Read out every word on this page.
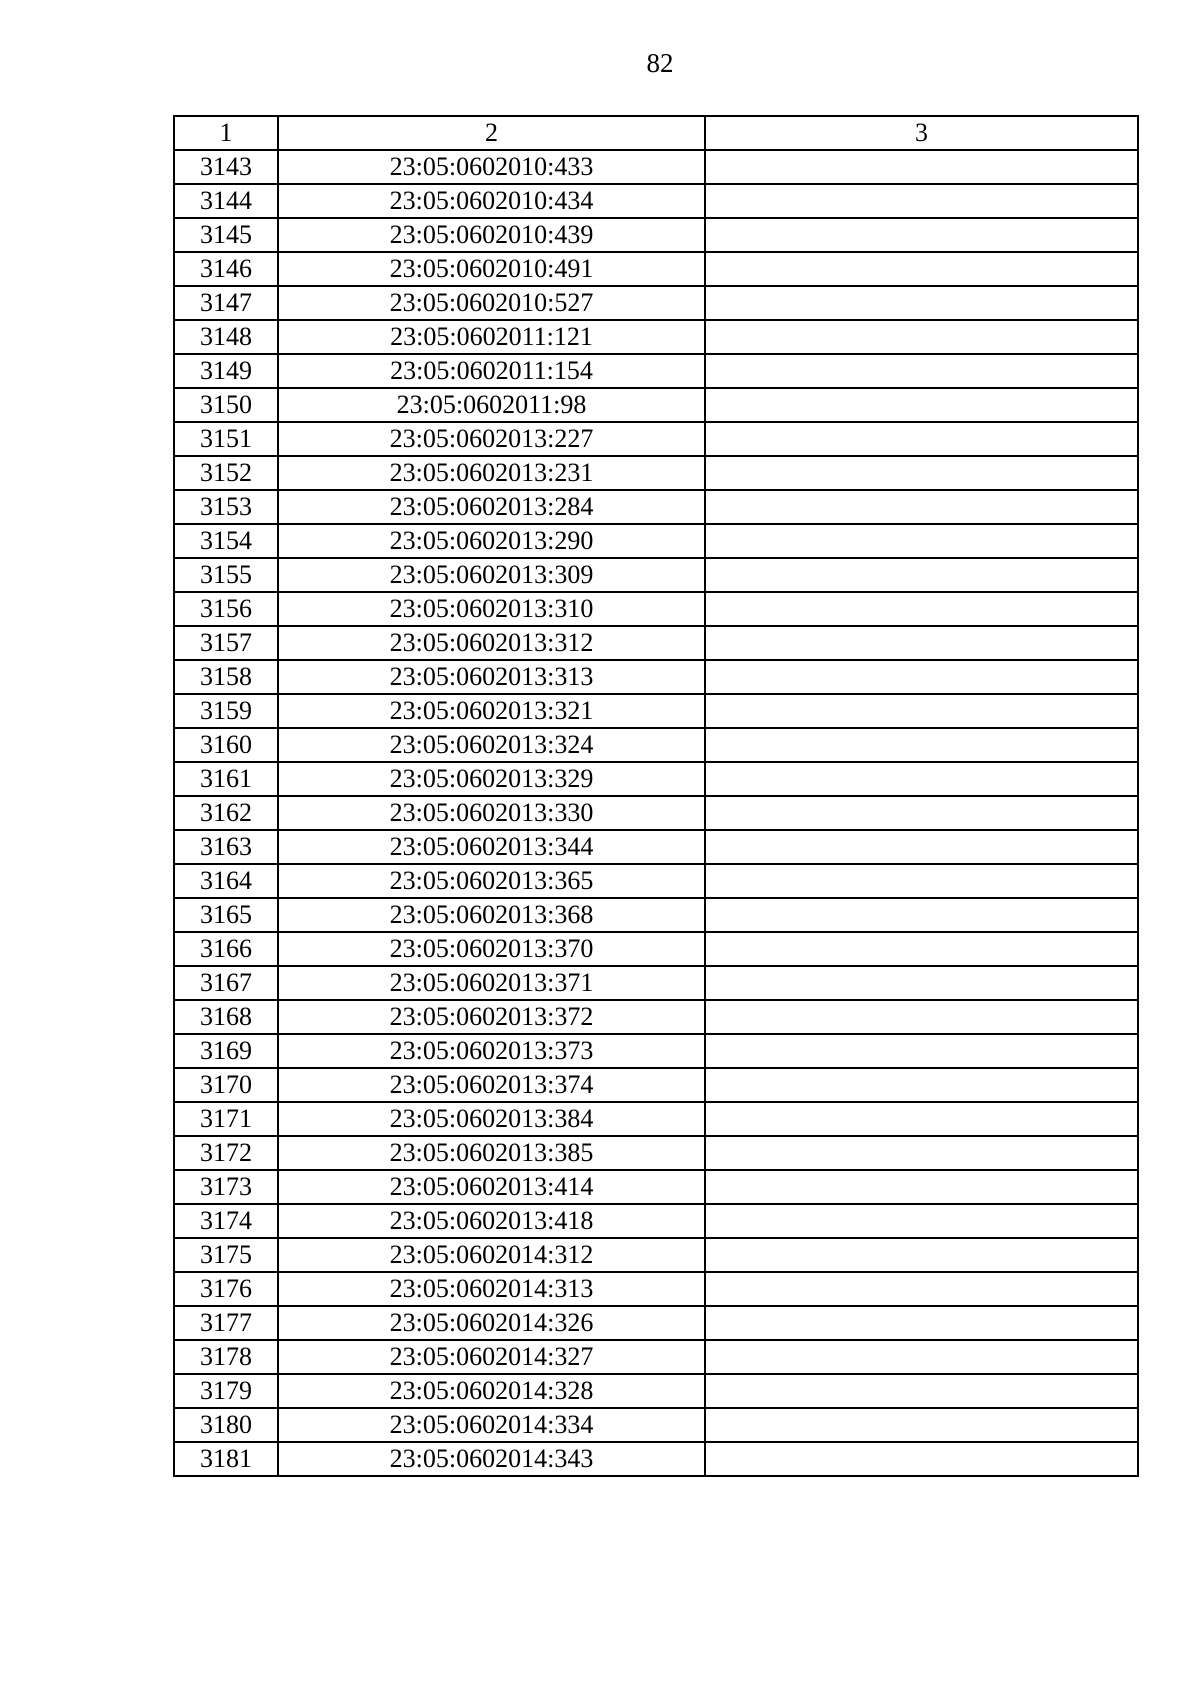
82
1	2	3
3143	23:05:0602010:433	
3144	23:05:0602010:434	
3145	23:05:0602010:439	
3146	23:05:0602010:491	
3147	23:05:0602010:527	
3148	23:05:0602011:121	
3149	23:05:0602011:154	
3150	23:05:0602011:98	
3151	23:05:0602013:227	
3152	23:05:0602013:231	
3153	23:05:0602013:284	
3154	23:05:0602013:290	
3155	23:05:0602013:309	
3156	23:05:0602013:310	
3157	23:05:0602013:312	
3158	23:05:0602013:313	
3159	23:05:0602013:321	
3160	23:05:0602013:324	
3161	23:05:0602013:329	
3162	23:05:0602013:330	
3163	23:05:0602013:344	
3164	23:05:0602013:365	
3165	23:05:0602013:368	
3166	23:05:0602013:370	
3167	23:05:0602013:371	
3168	23:05:0602013:372	
3169	23:05:0602013:373	
3170	23:05:0602013:374	
3171	23:05:0602013:384	
3172	23:05:0602013:385	
3173	23:05:0602013:414	
3174	23:05:0602013:418	
3175	23:05:0602014:312	
3176	23:05:0602014:313	
3177	23:05:0602014:326	
3178	23:05:0602014:327	
3179	23:05:0602014:328	
3180	23:05:0602014:334	
3181	23:05:0602014:343	
